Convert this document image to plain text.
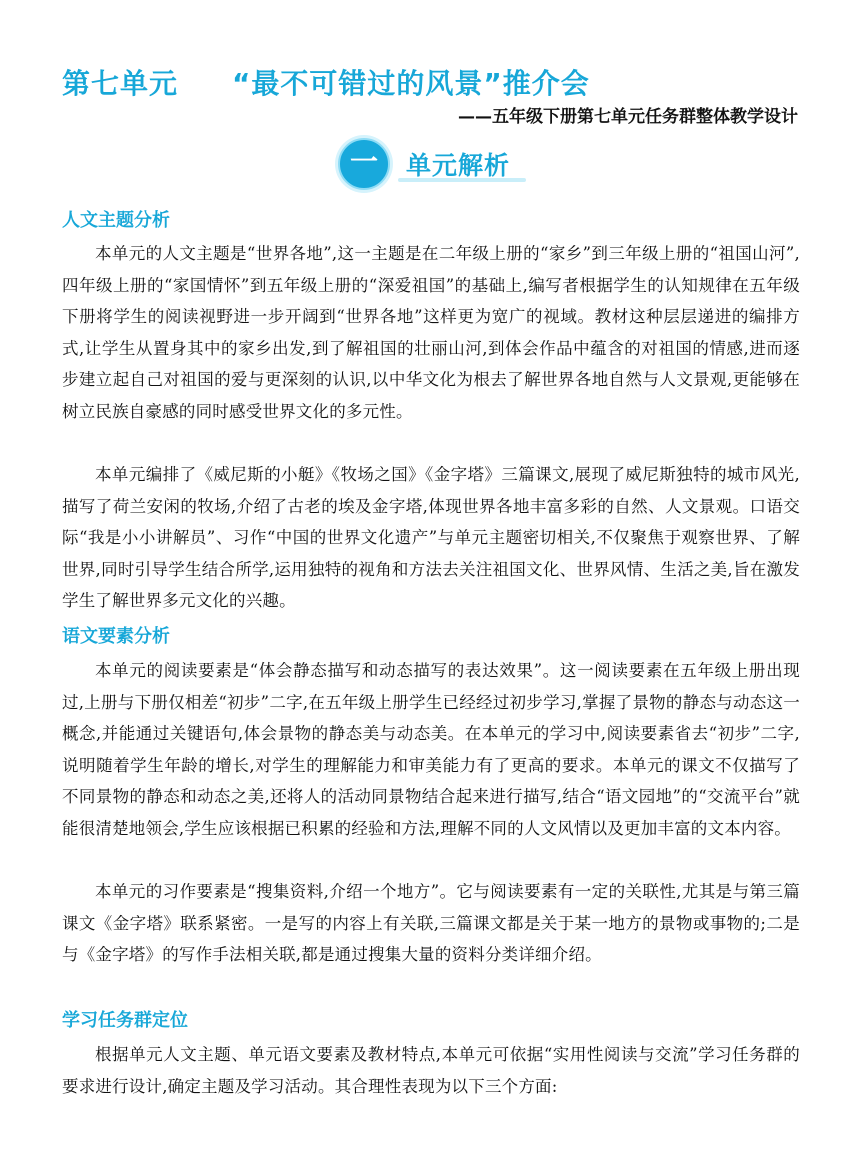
第七单元 “最不可错过的风景”推介会
——五年级下册第七单元任务群整体教学设计
一	单元解析
人文主题分析
本单元的人文主题是“世界各地”,这一主题是在二年级上册的“家乡”到三年级上册的“祖国山河”,四年级上册的“家国情怀”到五年级上册的“深爱祖国”的基础上,编写者根据学生的认知规律在五年级下册将学生的阅读视野进一步开阔到“世界各地”这样更为宽广的视域。教材这种层层递进的编排方式,让学生从置身其中的家乡出发,到了解祖国的壮丽山河,到体会作品中蕴含的对祖国的情感,进而逐步建立起自己对祖国的爱与更深刻的认识,以中华文化为根去了解世界各地自然与人文景观,更能够在树立民族自豪感的同时感受世界文化的多元性。
本单元编排了《威尼斯的小艇》《牧场之国》《金字塔》三篇课文,展现了威尼斯独特的城市风光,描写了荷兰安闲的牧场,介绍了古老的埃及金字塔,体现世界各地丰富多彩的自然、人文景观。口语交际“我是小小讲解员”、习作“中国的世界文化遗产”与单元主题密切相关,不仅聚焦于观察世界、了解世界,同时引导学生结合所学,运用独特的视角和方法去关注祖国文化、世界风情、生活之美,旨在激发学生了解世界多元文化的兴趣。
语文要素分析
本单元的阅读要素是“体会静态描写和动态描写的表达效果”。这一阅读要素在五年级上册出现过,上册与下册仅相差“初步”二字,在五年级上册学生已经经过初步学习,掌握了景物的静态与动态这一概念,并能通过关键语句,体会景物的静态美与动态美。在本单元的学习中,阅读要素省去“初步”二字,说明随着学生年龄的增长,对学生的理解能力和审美能力有了更高的要求。本单元的课文不仅描写了不同景物的静态和动态之美,还将人的活动同景物结合起来进行描写,结合“语文园地”的“交流平台”就能很清楚地领会,学生应该根据已积累的经验和方法,理解不同的人文风情以及更加丰富的文本内容。
本单元的习作要素是“搜集资料,介绍一个地方”。它与阅读要素有一定的关联性,尤其是与第三篇课文《金字塔》联系紧密。一是写的内容上有关联,三篇课文都是关于某一地方的景物或事物的;二是与《金字塔》的写作手法相关联,都是通过搜集大量的资料分类详细介绍。
学习任务群定位
根据单元人文主题、单元语文要素及教材特点,本单元可依据“实用性阅读与交流”学习任务群的要求进行设计,确定主题及学习活动。其合理性表现为以下三个方面:
